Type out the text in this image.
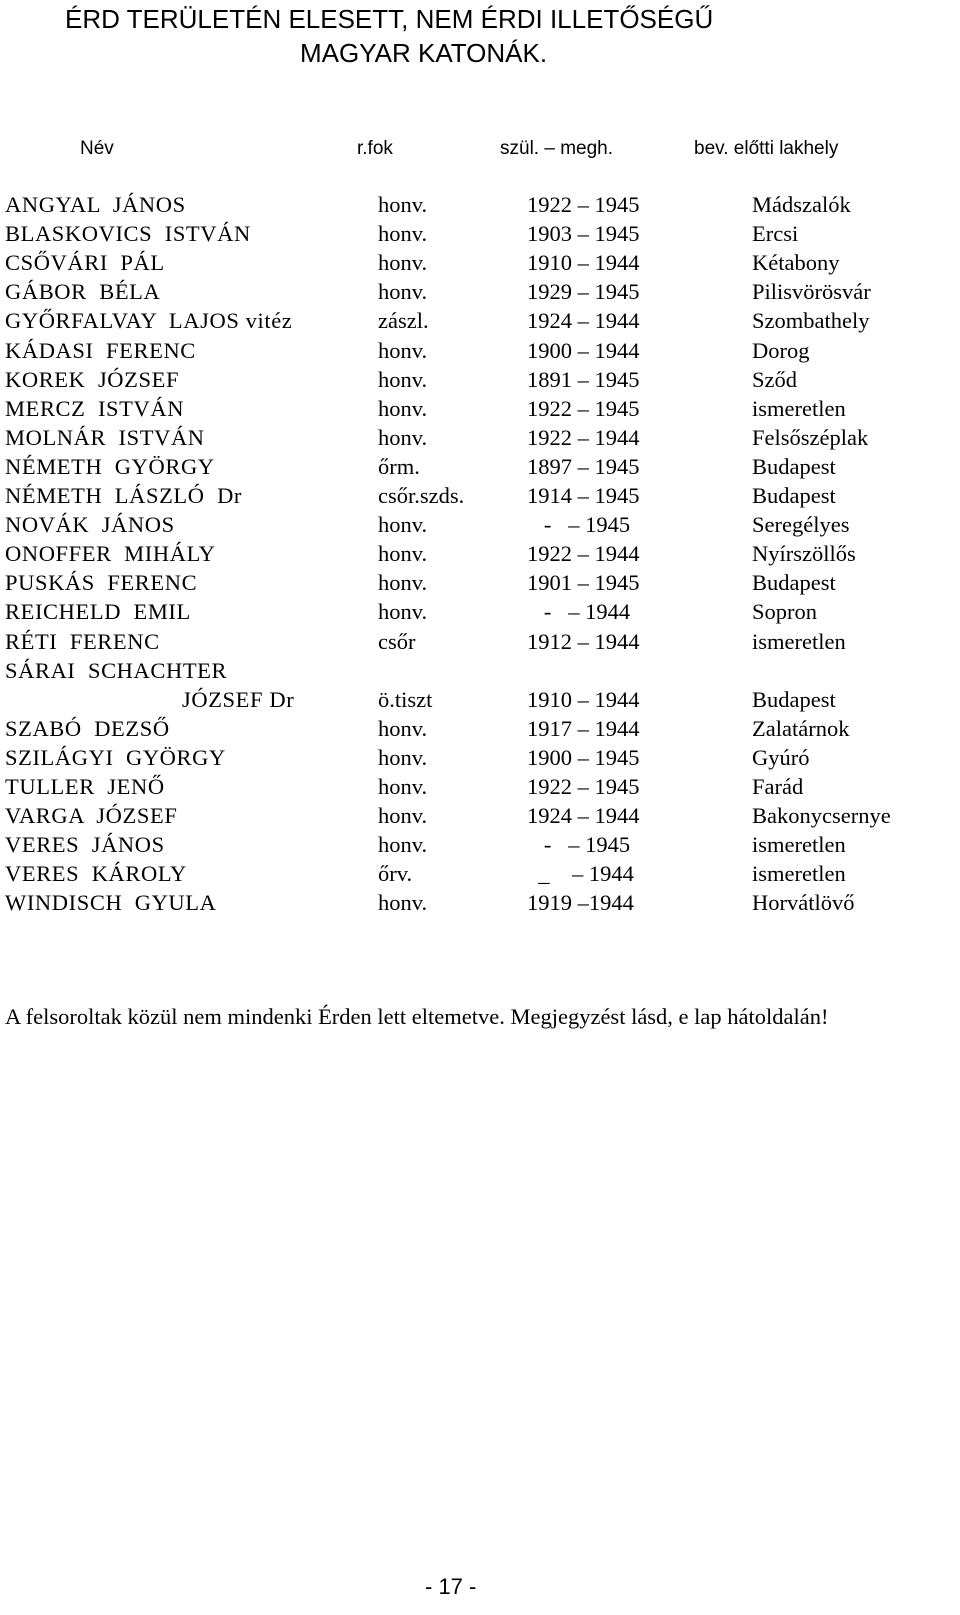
ÉRD TERÜLETÉN ELESETT, NEM ÉRDI ILLETŐSÉGŰ
MAGYAR KATONÁK.
Név	r.fok	szül. – megh.	bev. előtti lakhely
ANGYAL  JÁNOS	honv.	1922 – 1945	Mádszalók
BLASKOVICS  ISTVÁN	honv.	1903 – 1945	Ercsi
CSŐVÁRI  PÁL	honv.	1910 – 1944	Kétabony
GÁBOR  BÉLA	honv.	1929 – 1945	Pilisvörösvár
GYŐRFALVAY  LAJOS vitéz	zászl.	1924 – 1944	Szombathely
KÁDASI  FERENC	honv.	1900 – 1944	Dorog
KOREK  JÓZSEF	honv.	1891 – 1945	Sződ
MERCZ  ISTVÁN	honv.	1922 – 1945	ismeretlen
MOLNÁR  ISTVÁN	honv.	1922 – 1944	Felsőszéplak
NÉMETH  GYÖRGY	őrm.	1897 – 1945	Budapest
NÉMETH  LÁSZLÓ  Dr	csőr.szds.	1914 – 1945	Budapest
NOVÁK  JÁNOS	honv.	-   – 1945	Seregélyes
ONOFFER  MIHÁLY	honv.	1922 – 1944	Nyírszöllős
PUSKÁS  FERENC	honv.	1901 – 1945	Budapest
REICHELD  EMIL	honv.	-   – 1944	Sopron
RÉTI  FERENC	csőr	1912 – 1944	ismeretlen
SÁRAI  SCHACHTER
JÓZSEF Dr	ö.tiszt	1910 – 1944	Budapest
SZABÓ  DEZSŐ	honv.	1917 – 1944	Zalatárnok
SZILÁGYI  GYÖRGY	honv.	1900 – 1945	Gyúró
TULLER  JENŐ	honv.	1922 – 1945	Farád
VARGA  JÓZSEF	honv.	1924 – 1944	Bakonycsernye
VERES  JÁNOS	honv.	-   – 1945	ismeretlen
VERES  KÁROLY	őrv.	_    – 1944	ismeretlen
WINDISCH  GYULA	honv.	1919 –1944	Horvátlövő
A felsoroltak közül nem mindenki Érden lett eltemetve. Megjegyzést lásd, e lap hátoldalán!
- 17 -
